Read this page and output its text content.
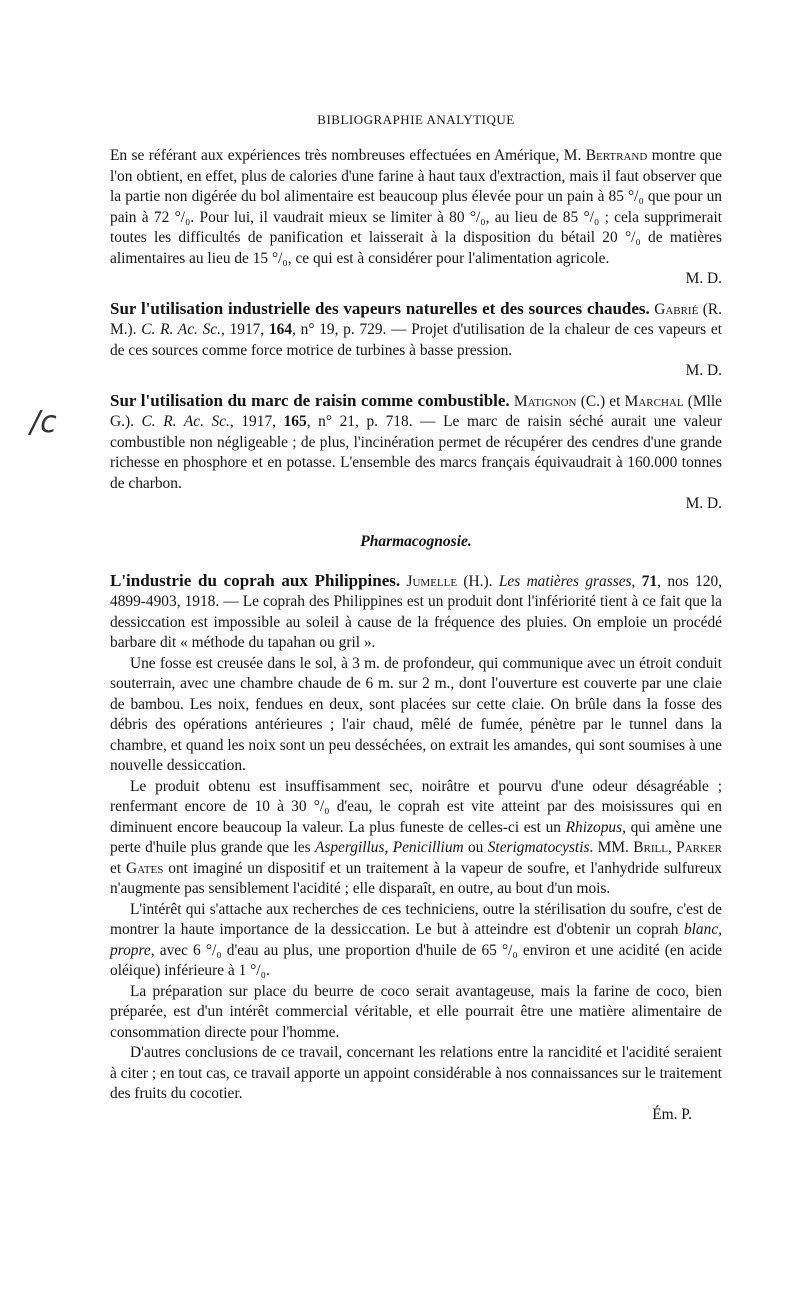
/c
BIBLIOGRAPHIE ANALYTIQUE

En se référant aux expériences très nombreuses effectuées en Amérique, M. Bertrand montre que l'on obtient, en effet, plus de calories d'une farine à haut taux d'extraction, mais il faut observer que la partie non digérée du bol alimentaire est beaucoup plus élevée pour un pain à 85 °/₀ que pour un pain à 72 °/₀. Pour lui, il vaudrait mieux se limiter à 80 °/₀, au lieu de 85 °/₀ ; cela supprimerait toutes les difficultés de panification et laisserait à la disposition du bétail 20 °/₀ de matières alimentaires au lieu de 15 °/₀, ce qui est à considérer pour l'alimentation agricole.

M. D.

Sur l'utilisation industrielle des vapeurs naturelles et des sources chaudes. Gabrié (R. M.). C. R. Ac. Sc., 1917, 164, n° 19, p. 729. — Projet d'utilisation de la chaleur de ces vapeurs et de ces sources comme force motrice de turbines à basse pression.

M. D.

Sur l'utilisation du marc de raisin comme combustible. Matignon (C.) et Marchal (Mlle G.). C. R. Ac. Sc., 1917, 165, n° 21, p. 718. — Le marc de raisin séché aurait une valeur combustible non négligeable ; de plus, l'incinération permet de récupérer des cendres d'une grande richesse en phosphore et en potasse. L'ensemble des marcs français équivaudrait à 160.000 tonnes de charbon.

M. D.

Pharmacognosie.

L'industrie du coprah aux Philippines. Jumelle (H.). Les matières grasses, 71, nos 120, 4899-4903, 1918. — Le coprah des Philippines est un produit dont l'infériorité tient à ce fait que la dessiccation est impossible au soleil à cause de la fréquence des pluies. On emploie un procédé barbare dit « méthode du tapahan ou gril ».

Une fosse est creusée dans le sol, à 3 m. de profondeur, qui communique avec un étroit conduit souterrain, avec une chambre chaude de 6 m. sur 2 m., dont l'ouverture est couverte par une claie de bambou. Les noix, fendues en deux, sont placées sur cette claie. On brûle dans la fosse des débris des opérations antérieures ; l'air chaud, mêlé de fumée, pénètre par le tunnel dans la chambre, et quand les noix sont un peu desséchées, on extrait les amandes, qui sont soumises à une nouvelle dessiccation.

Le produit obtenu est insuffisamment sec, noirâtre et pourvu d'une odeur désagréable ; renfermant encore de 10 à 30 °/₀ d'eau, le coprah est vite atteint par des moisissures qui en diminuent encore beaucoup la valeur. La plus funeste de celles-ci est un Rhizopus, qui amène une perte d'huile plus grande que les Aspergillus, Penicillium ou Sterigmatocystis. MM. Brill, Parker et Gates ont imaginé un dispositif et un traitement à la vapeur de soufre, et l'anhydride sulfureux n'augmente pas sensiblement l'acidité ; elle disparaît, en outre, au bout d'un mois.

L'intérêt qui s'attache aux recherches de ces techniciens, outre la stérilisation du soufre, c'est de montrer la haute importance de la dessiccation. Le but à atteindre est d'obtenir un coprah blanc, propre, avec 6 °/₀ d'eau au plus, une proportion d'huile de 65 °/₀ environ et une acidité (en acide oléique) inférieure à 1 °/₀.

La préparation sur place du beurre de coco serait avantageuse, mais la farine de coco, bien préparée, est d'un intérêt commercial véritable, et elle pourrait être une matière alimentaire de consommation directe pour l'homme.

D'autres conclusions de ce travail, concernant les relations entre la rancidité et l'acidité seraient à citer ; en tout cas, ce travail apporte un appoint considérable à nos connaissances sur le traitement des fruits du cocotier.

Ém. P.
